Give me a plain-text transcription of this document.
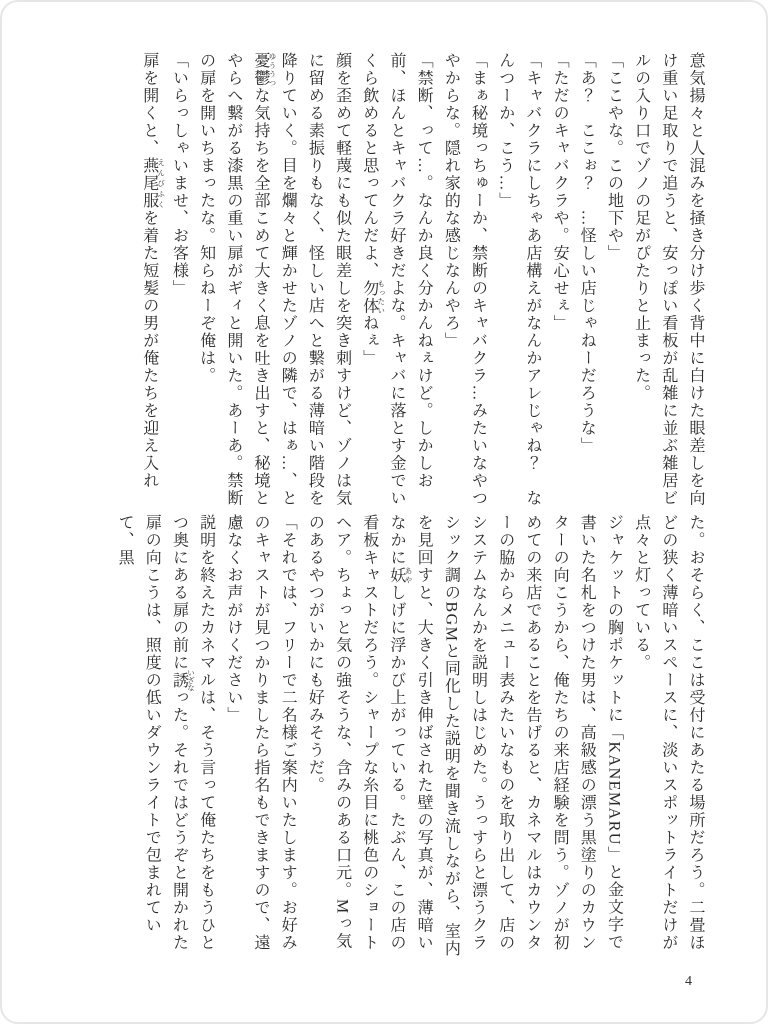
意気揚々と人混みを掻き分け歩く背中に白けた眼差しを向け重い足取りで追うと、安っぽい看板が乱雑に並ぶ雑居ビルの入り口でゾノの足がぴたりと止まった。

「ここやな。この地下や」

「あ？　ここぉ？　…怪しい店じゃねーだろうな」

「ただのキャバクラや。安心せぇ」

「キャバクラにしちゃあ店構えがなんかアレじゃね？　なんつーか、こう…」

「まぁ秘境っちゅーか、禁断のキャバクラ…みたいなやつやからな。隠れ家的な感じなんやろ」

「禁断、って…。なんか良く分かんねぇけど。しかしお前、ほんとキャバクラ好きだよな。キャバに落とす金でいくら飲めると思ってんだよ、勿体 もったいねぇ」

顔を歪めて軽蔑にも似た眼差しを突き刺すけど、ゾノは気に留める素振りもなく、怪しい店へと繋がる薄暗い階段を降りていく。目を爛々と輝かせたゾノの隣で、はぁ…、と憂鬱 ゆううつな気持ちを全部こめて大きく息を吐き出すと、秘境とやらへ繋がる漆黒の重い扉がギィと開いた。あーあ。禁断の扉を開いちまったな。知らねーぞ俺は。

「いらっしゃいませ、お客様」

扉を開くと、燕尾服 えんびふくを着た短髪の男が俺たちを迎え入れ

た。おそらく、ここは受付にあたる場所だろう。二畳ほどの狭く薄暗いスペースに、淡いスポットライトだけが点々と灯っている。

ジャケットの胸ポケットに「KANEMARU」と金文字で書いた名札をつけた男は、高級感の漂う黒塗りのカウンターの向こうから、俺たちの来店経験を問う。ゾノが初めての来店であることを告げると、カネマルはカウンターの脇からメニュー表みたいなものを取り出して、店のシステムなんかを説明しはじめた。うっすらと漂うクラシック調のBGMと同化した説明を聞き流しながら、室内を見回すと、大きく引き伸ばされた壁の写真が、薄暗いなかに妖 あやしげに浮かび上がっている。たぶん、この店の看板キャストだろう。シャープな糸目に桃色のショートヘア。ちょっと気の強そうな、含みのある口元。Mっ気のあるやつがいかにも好みそうだ。

「それでは、フリーで二名様ご案内いたします。お好みのキャストが見つかりましたら指名もできますので、遠慮なくお声がけください」

説明を終えたカネマルは、そう言って俺たちをもうひとつ奥にある扉の前に誘 いざなった。それではどうぞと開かれた扉の向こうは、照度の低いダウンライトで包まれていて、黒

4
